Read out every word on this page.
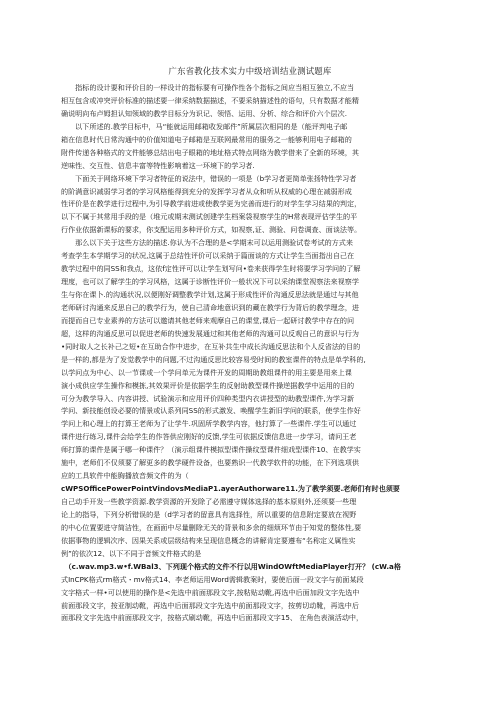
广东省教化技术实力中级培训结业测试题库
　　指标的设计要和评价目的一样设计的指标要有可操作性各个指标之间应当相互独立,不应当
相互包含或冲突评价标准的描述要一律采纳数据描述，不要采纳描述性的语句，只有数据才能精
确说明向布卢姆担认知领域的教学目标分为识记、领悟、运用、分析、综合和评价六个层次.
　　以下所述的.教学目标中，马“能就运用邮箱收发邮件”所属层次相同的是（能评判电子邮
箱在信息时代日常沟通中的价值知道电子邮箱是互联网最常用的服务之一能够利用电子邮箱的
附件传递各种格式的文件能够总结出电子眼箱的地址格式特点网络为教学借来了全新的环境，其
逆味性、交互性、信息丰富等特性影响着这一环境下的学习者.
　　下面关于网络环境下学习者特征的说法中，错误的一项是（b学习者更简单张扬特性学习者
的阶满意识减弱学习者的学习风格能得到充分的发挥学习者从众和听从权威的心理在减弱形成
性评价是在教学进行过程中,为引导教学前进或使教学更为完善而进行的对学生学习结果的判定，
以下不属于其常用手段的是（堆元或期末测试创建学生档案袋视察学生的H常表现评估学生的平
行作业依据新课标的要求，你支配运用多种评价方式，如视察,证、测验、问卷调查、面谈法等。
　　那么以下关于这些方法的描述.你认为不合理的是<学期末可以运用测验试卷考试的方式来
考查学生本学期学习的状况,这属于总结性评价可以采纳于篇面谈的方式让学生当面指出自己在
教学过程中的同SS和我点，这依f定性评可以让学生划写问•卷来获得学生时将要学习学问的了解
理度，也可以了解学生的学习风格，这属于诊断性评价一般状况下可以采纳课堂视察法来视察学
生与你在课卜.的沟通状况,以便刚好调整教学计划,这属于形成性评价沟通反思法就是通过与其他
老师研讨沟通来反思自己的教学行为，使自己清命地意识到的藏在教学行为背后的教学理念，进
而提而自已专业素养的方法可以邀请其他老师来观摩自己的课堂,课后一起研讨教学中存在的问
超，这样的沟通反思可以促进老师的快速发展通过和其他老师的沟通可以反观自己的意识与行为
•同时取人之长补己之短•在互助合作中进步，在互补共生中成长沟通反思法和个人反省法的目的
是一样的,都是为了发觉教学中的问题,不过沟通反思比较容易受时间的教室课件的特点是单学科的,
以学问点为中心、以一节课或一个学问单元为课件开发的周期助教组课件的用主要是用来上课
演小成供应学生操作和模拣,其效果评价是依据学生的反射助教型课件操逆据教学中运用的目的
可分为教学导入、内容讲授、试验演示和应用评价四种类型内衣讲授型的助教型课件,为学习新
学问、新技能创设必要的情景或认系列同SS的形式激发、唤醒学生新旧学问的联系，使学生作好
学问上和心理上的打算王老师为了让学牛.巩固所学教学内容，他打算了一些课件.学生可以通过
课件进行练习,课件会给学生的作答供应刚好的反馈,学生可依据反馈信息进一步学习，请问王老
师打算的课件是属于哪一种课件？（演示组课件模拟型课件操纹型课件细戏型课件10、在教学实
施中，老师们不仅须要了解更多的教学硬件设备，也要熟识一代教学软件的功能，在下列选项供
应的工具软件中能胸播放音频文件的为（
cWPSOfficePowerPointVindovsMediaP1.ayerAuthorware11.为了教学须要.老师们有时也须要
自己动手开发一些教学资源.教学资源的开发除了必需遵守媒体选择的基本原则外,还须要一些理
论上的指导，下列分析错误的是（d学习者的留意具有选择性，所以重要的信息附定要放在视野
的中心位置要进守简洁性，在画面中尽量删除无关的背景和多余的细烦环节由于知觉的整体性,要
依据事物的逻辑次序、因果关系或层级结构来呈现信息概念的讲解肯定要遵布“名称定义属性实
例”的依次12、以下不同于音频文件格式的是
　（c.wav.mp3.w•f.WBal3、下列现个格式的文件不行以用WindOWftMediaPlayer打开？ (cW.a格
式InCPK格式rm格式・mv格式14、李老师运用Word需辑教案时，要使后面一段文字与前面某段
文字格式一样•可以使用的操作是<先选中前面那段文字,按粘贴动靴,再选中后面加段文字先选中
前面那段文字，按亚制动靴，再选中后面那段文字先选中前面那段文字，按剪切动靴，再选中后
面那段文字先选中前面那段文字，按格式刷动靴，再选中后面那段文字15、 在角色表演活动中，
